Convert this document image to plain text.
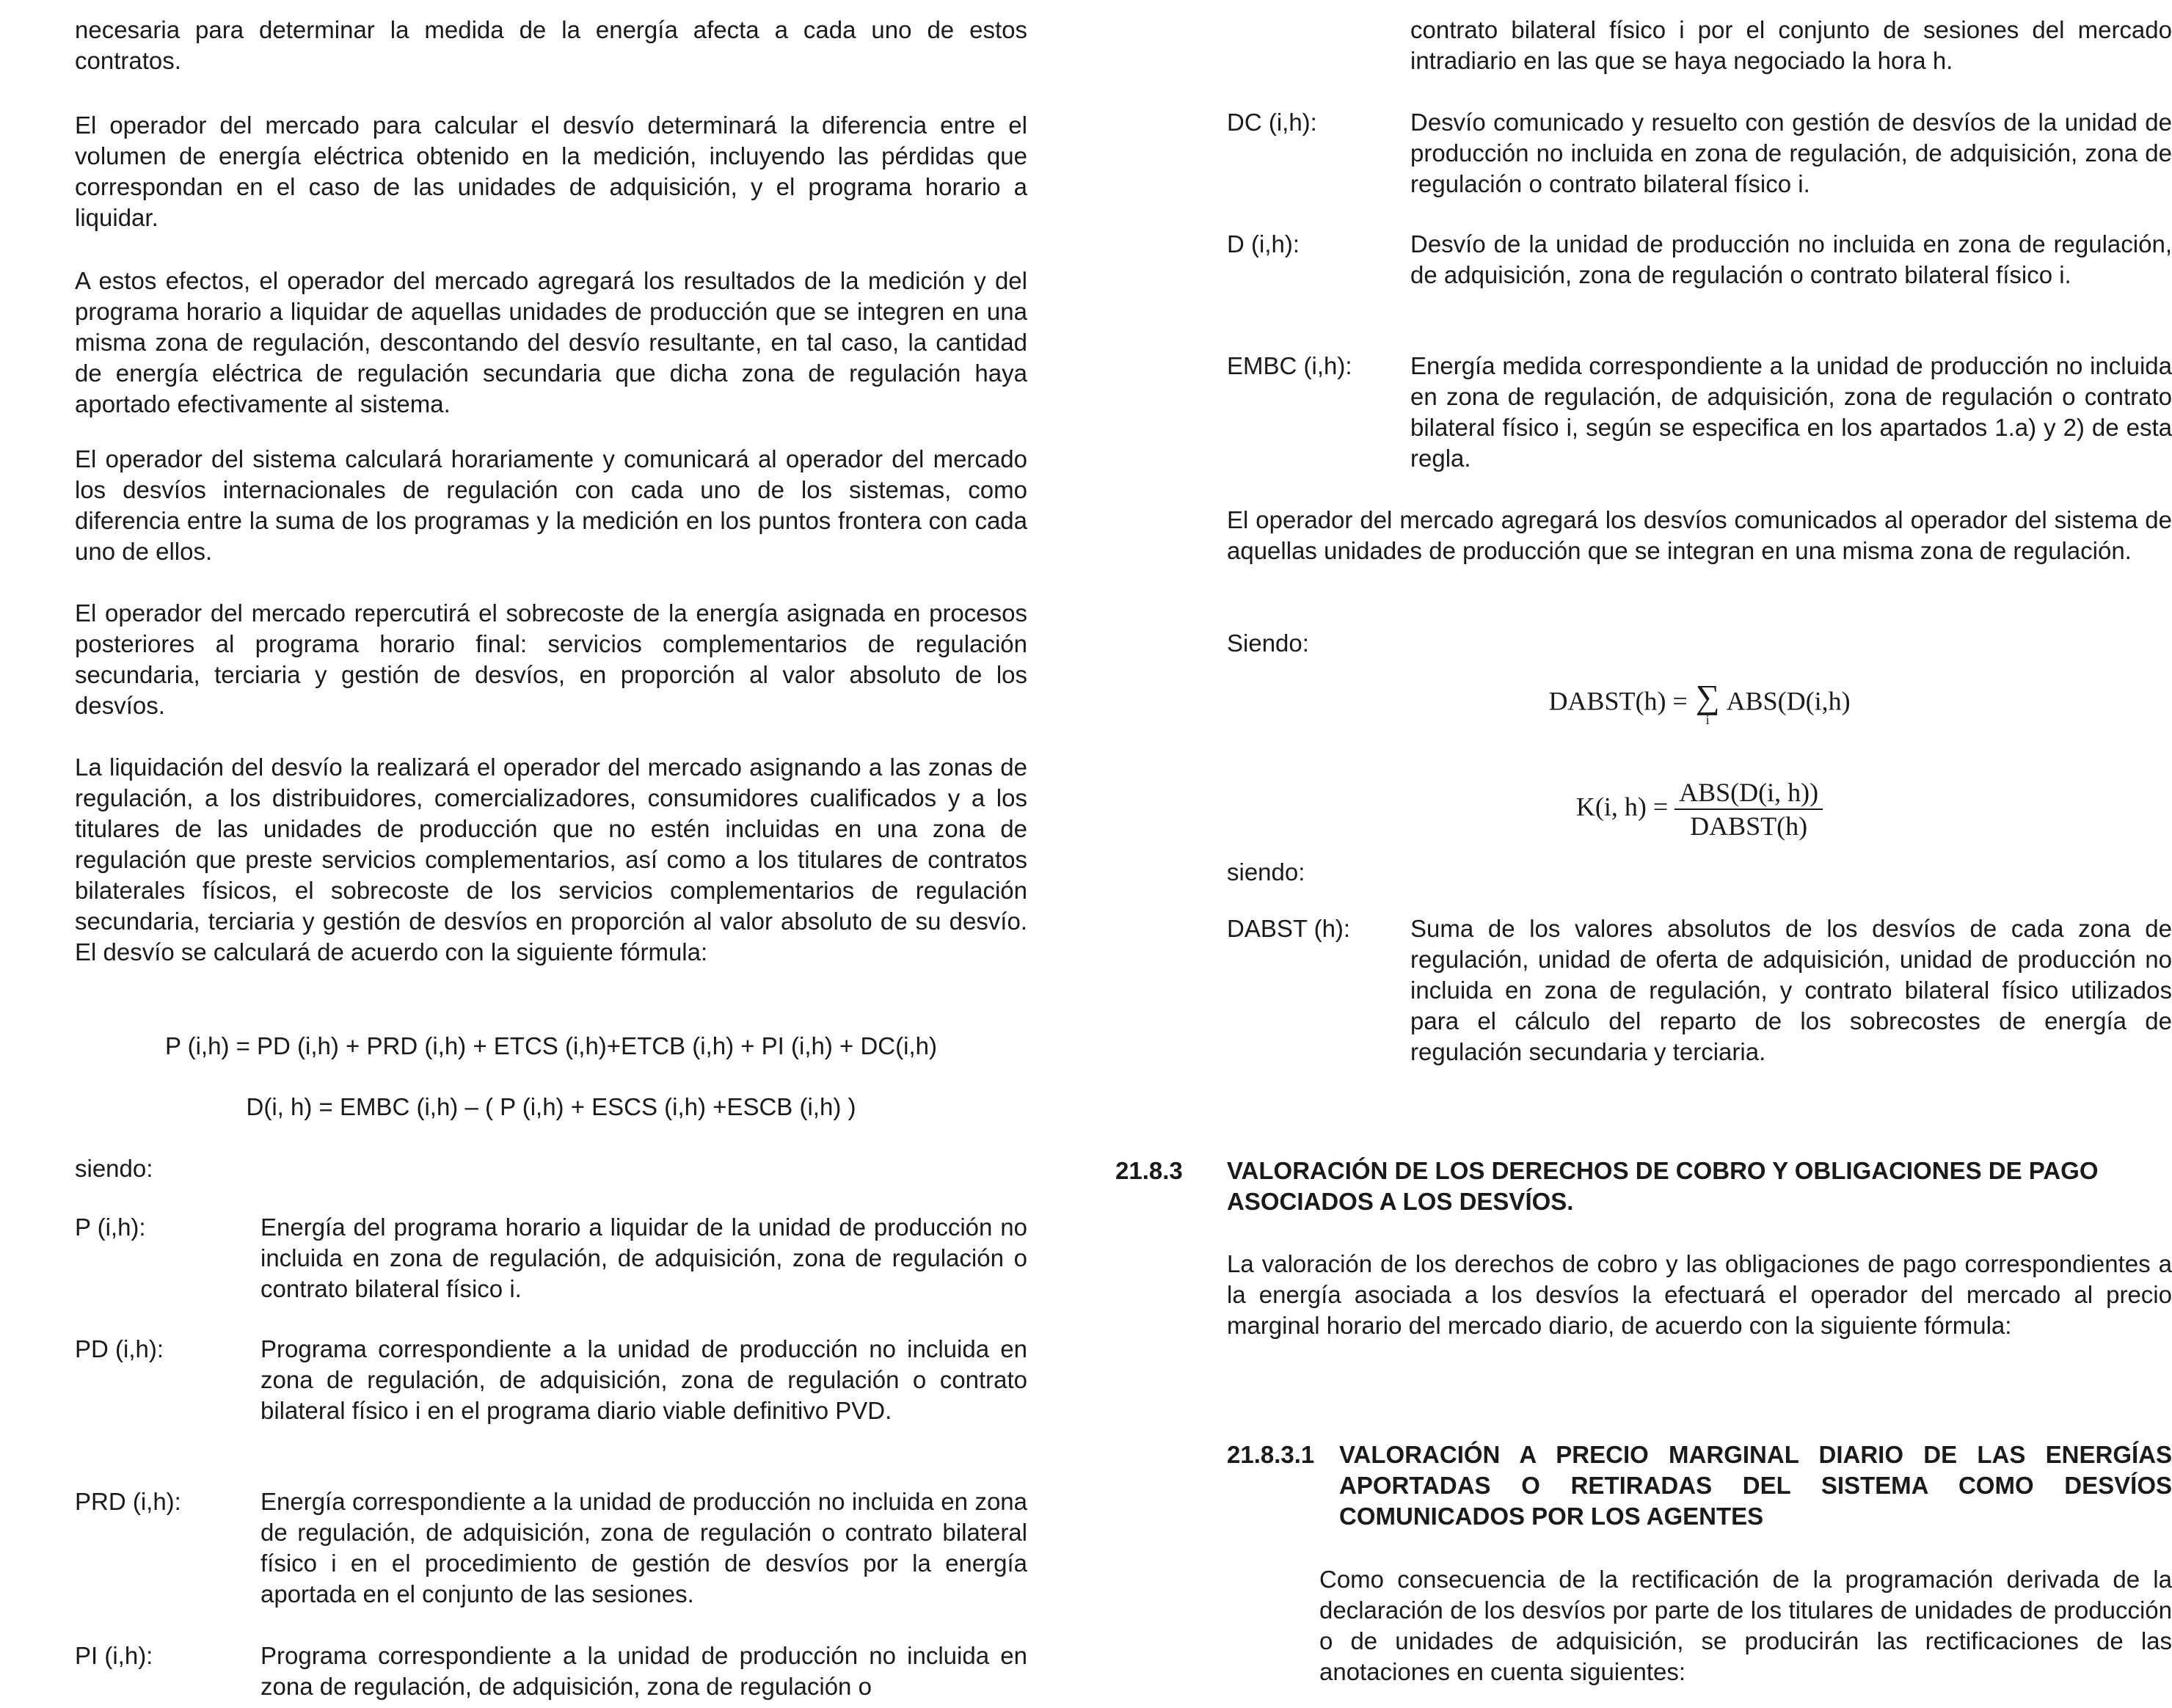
necesaria para determinar la medida de la energía afecta a cada uno de estos contratos.

El operador del mercado para calcular el desvío determinará la diferencia entre el volumen de energía eléctrica obtenido en la medición, incluyendo las pérdidas que correspondan en el caso de las unidades de adquisición, y el programa horario a liquidar.

A estos efectos, el operador del mercado agregará los resultados de la medición y del programa horario a liquidar de aquellas unidades de producción que se integren en una misma zona de regulación, descontando del desvío resultante, en tal caso, la cantidad de energía eléctrica de regulación secundaria que dicha zona de regulación haya aportado efectivamente al sistema.

El operador del sistema calculará horariamente y comunicará al operador del mercado los desvíos internacionales de regulación con cada uno de los sistemas, como diferencia entre la suma de los programas y la medición en los puntos frontera con cada uno de ellos.

El operador del mercado repercutirá el sobrecoste de la energía asignada en procesos posteriores al programa horario final: servicios complementarios de regulación secundaria, terciaria y gestión de desvíos, en proporción al valor absoluto de los desvíos.

La liquidación del desvío la realizará el operador del mercado asignando a las zonas de regulación, a los distribuidores, comercializadores, consumidores cualificados y a los titulares de las unidades de producción que no estén incluidas en una zona de regulación que preste servicios complementarios, así como a los titulares de contratos bilaterales físicos, el sobrecoste de los servicios complementarios de regulación secundaria, terciaria y gestión de desvíos en proporción al valor absoluto de su desvío. El desvío se calculará de acuerdo con la siguiente fórmula:

P (i,h) = PD (i,h) + PRD (i,h) + ETCS (i,h)+ETCB (i,h) + PI (i,h) + DC(i,h)
D(i, h) = EMBC (i,h) – ( P (i,h) + ESCS (i,h) +ESCB (i,h) )

siendo:

P (i,h):	Energía del programa horario a liquidar de la unidad de producción no incluida en zona de regulación, de adquisición, zona de regulación o contrato bilateral físico i.
PD (i,h):	Programa correspondiente a la unidad de producción no incluida en zona de regulación, de adquisición, zona de regulación o contrato bilateral físico i en el programa diario viable definitivo PVD.
PRD (i,h):	Energía correspondiente a la unidad de producción no incluida en zona de regulación, de adquisición, zona de regulación o contrato bilateral físico i en el procedimiento de gestión de desvíos por la energía aportada en el conjunto de las sesiones.
PI (i,h):	Programa correspondiente a la unidad de producción no incluida en zona de regulación, de adquisición, zona de regulación o

contrato bilateral físico i por el conjunto de sesiones del mercado intradiario en las que se haya negociado la hora h.

DC (i,h):	Desvío comunicado y resuelto con gestión de desvíos de la unidad de producción no incluida en zona de regulación, de adquisición, zona de regulación o contrato bilateral físico i.
D (i,h):	Desvío de la unidad de producción no incluida en zona de regulación, de adquisición, zona de regulación o contrato bilateral físico i.
EMBC (i,h): Energía medida correspondiente a la unidad de producción no incluida en zona de regulación, de adquisición, zona de regulación o contrato bilateral físico i, según se especifica en los apartados 1.a) y 2) de esta regla.

El operador del mercado agregará los desvíos comunicados al operador del sistema de aquellas unidades de producción que se integran en una misma zona de regulación.

Siendo:

DABST(h) = ∑
i
ABS(D(i,h)
K(i, $h) = \frac{\text{ABS(D(i, h))}}{\text{DABST(h)}}$

siendo:

DABST (h): Suma de los valores absolutos de los desvíos de cada zona de regulación, unidad de oferta de adquisición, unidad de producción no incluida en zona de regulación, y contrato bilateral físico utilizados para el cálculo del reparto de los sobrecostes de energía de regulación secundaria y terciaria.
21.8.3 VALORACIÓN DE LOS DERECHOS DE COBRO Y OBLIGACIONES DE PAGO ASOCIADOS A LOS DESVÍOS.

La valoración de los derechos de cobro y las obligaciones de pago correspondientes a la energía asociada a los desvíos la efectuará el operador del mercado al precio marginal horario del mercado diario, de acuerdo con la siguiente fórmula:

21.8.3.1 VALORACIÓN A PRECIO MARGINAL DIARIO DE LAS ENERGÍAS APORTADAS O RETIRADAS DEL SISTEMA COMO DESVÍOS COMUNICADOS POR LOS AGENTES

Como consecuencia de la rectificación de la programación derivada de la declaración de los desvíos por parte de los titulares de unidades de producción o de unidades de adquisición, se producirán las rectificaciones de las anotaciones en cuenta siguientes:
